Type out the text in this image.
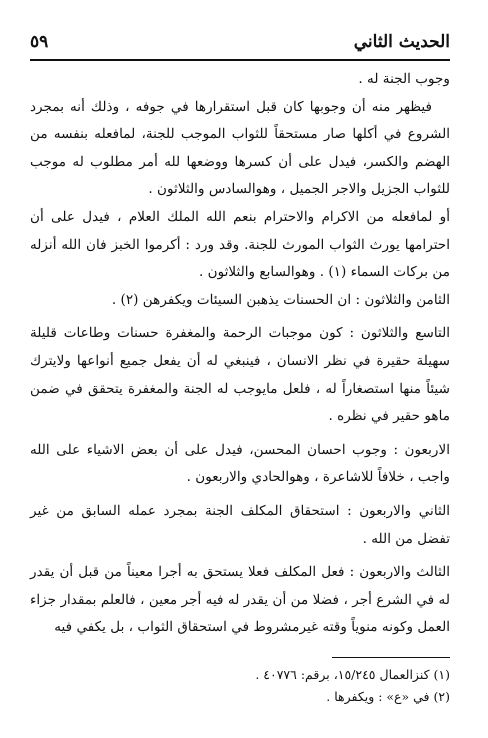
٥٩	الحديث الثاني

وجوب الجنة له .

فيظهر منه أن وجوبها كان قبل استقرارها في جوفه ، وذلك أنه بمجرد الشروع في أكلها صار مستحقاً للثواب الموجب للجنة، لمافعله بنفسه من الهضم والكسر، فيدل على أن كسرها ووضعها لله أمر مطلوب له موجب للثواب الجزيل والاجر الجميل ، وهوالسادس والثلاثون .

أو لمافعله من الاكرام والاحترام بنعم الله الملك العلام ، فيدل على أن احترامها يورث الثواب المورث للجنة. وقد ورد : أكرموا الخبز فان الله أنزله من بركات السماء (١) . وهوالسابع والثلاثون .

الثامن والثلاثون : ان الحسنات يذهبن السيئات ويكفرهن (٢) .

التاسع والثلاثون : كون موجبات الرحمة والمغفرة حسنات وطاعات قليلة سهيلة حقيرة في نظر الانسان ، فينبغي له أن يفعل جميع أنواعها ولايترك شيئاً منها استصغاراً له ، فلعل مايوجب له الجنة والمغفرة يتحقق في ضمن ماهو حقير في نظره .

الاربعون : وجوب احسان المحسن، فيدل على أن بعض الاشياء على الله واجب ، خلافاً للاشاعرة ، وهوالحادي والاربعون .

الثاني والاربعون : استحقاق المكلف الجنة بمجرد عمله السابق من غير تفضل من الله .

الثالث والاربعون : فعل المكلف فعلا يستحق به أجرا معيناً من قبل أن يقدر له في الشرع أجر ، فضلا من أن يقدر له فيه أجر معين ، فالعلم بمقدار جزاء العمل وكونه منوياً وقته غيرمشروط في استحقاق الثواب ، بل يكفي فيه

(١) كنزالعمال ١٥/٢٤٥، برقم: ٤٠٧٧٦ .
(٢) في «ع» : ويكفرها .
